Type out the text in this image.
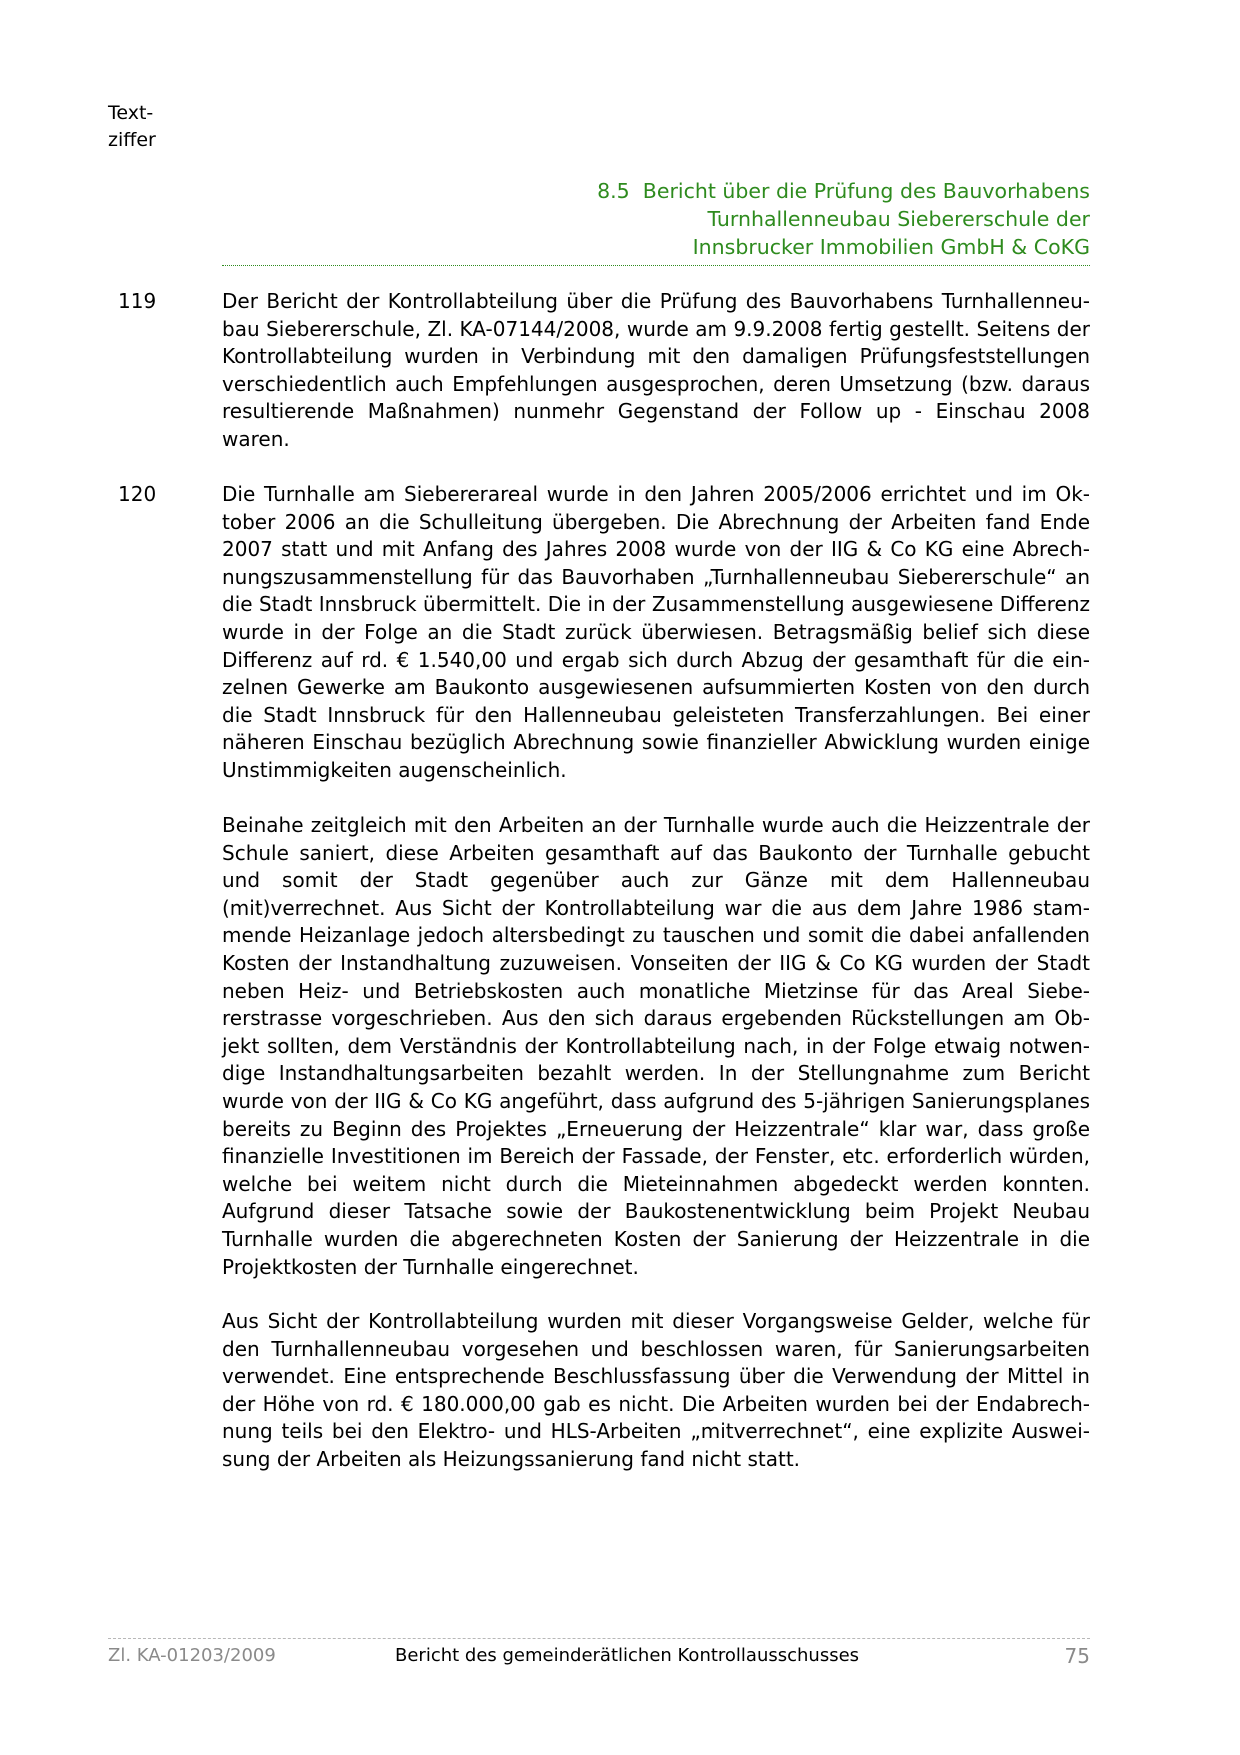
Text-
ziffer
8.5 Bericht über die Prüfung des Bauvorhabens
Turnhallenneubau Siebererschule der
Innsbrucker Immobilien GmbH & CoKG
119	Der Bericht der Kontrollabteilung über die Prüfung des Bauvorhabens Turnhallenneubau Siebererschule, Zl. KA-07144/2008, wurde am 9.9.2008 fertig gestellt. Seitens der Kontrollabteilung wurden in Verbindung mit den damaligen Prüfungsfeststellungen verschiedentlich auch Empfehlungen ausgesprochen, deren Umsetzung (bzw. daraus resultierende Maßnahmen) nunmehr Gegenstand der Follow up - Einschau 2008 waren.
120	Die Turnhalle am Siebererareal wurde in den Jahren 2005/2006 errichtet und im Oktober 2006 an die Schulleitung übergeben. Die Abrechnung der Arbeiten fand Ende 2007 statt und mit Anfang des Jahres 2008 wurde von der IIG & Co KG eine Abrechnungszusammenstellung für das Bauvorhaben „Turnhallenneubau Siebererschule“ an die Stadt Innsbruck übermittelt. Die in der Zusammenstellung ausgewiesene Differenz wurde in der Folge an die Stadt zurück überwiesen. Betragsmäßig belief sich diese Differenz auf rd. € 1.540,00 und ergab sich durch Abzug der gesamthaft für die einzelnen Gewerke am Baukonto ausgewiesenen aufsummierten Kosten von den durch die Stadt Innsbruck für den Hallenneubau geleisteten Transferzahlungen. Bei einer näheren Einschau bezüglich Abrechnung sowie finanzieller Abwicklung wurden einige Unstimmigkeiten augenscheinlich.
Beinahe zeitgleich mit den Arbeiten an der Turnhalle wurde auch die Heizzentrale der Schule saniert, diese Arbeiten gesamthaft auf das Baukonto der Turnhalle gebucht und somit der Stadt gegenüber auch zur Gänze mit dem Hallenneubau (mit)verrechnet. Aus Sicht der Kontrollabteilung war die aus dem Jahre 1986 stammende Heizanlage jedoch altersbedingt zu tauschen und somit die dabei anfallenden Kosten der Instandhaltung zuzuweisen. Vonseiten der IIG & Co KG wurden der Stadt neben Heiz- und Betriebskosten auch monatliche Mietzinse für das Areal Siebererstrasse vorgeschrieben. Aus den sich daraus ergebenden Rückstellungen am Objekt sollten, dem Verständnis der Kontrollabteilung nach, in der Folge etwaig notwendige Instandhaltungsarbeiten bezahlt werden. In der Stellungnahme zum Bericht wurde von der IIG & Co KG angeführt, dass aufgrund des 5-jährigen Sanierungsplanes bereits zu Beginn des Projektes „Erneuerung der Heizzentrale“ klar war, dass große finanzielle Investitionen im Bereich der Fassade, der Fenster, etc. erforderlich würden, welche bei weitem nicht durch die Mieteinnahmen abgedeckt werden konnten. Aufgrund dieser Tatsache sowie der Baukostenentwicklung beim Projekt Neubau Turnhalle wurden die abgerechneten Kosten der Sanierung der Heizzentrale in die Projektkosten der Turnhalle eingerechnet.
Aus Sicht der Kontrollabteilung wurden mit dieser Vorgangsweise Gelder, welche für den Turnhallenneubau vorgesehen und beschlossen waren, für Sanierungsarbeiten verwendet. Eine entsprechende Beschlussfassung über die Verwendung der Mittel in der Höhe von rd. € 180.000,00 gab es nicht. Die Arbeiten wurden bei der Endabrechnung teils bei den Elektro- und HLS-Arbeiten „mitverrechnet“, eine explizite Ausweisung der Arbeiten als Heizungssanierung fand nicht statt.
Zl. KA-01203/2009	Bericht des gemeinderätlichen Kontrollausschusses	75
